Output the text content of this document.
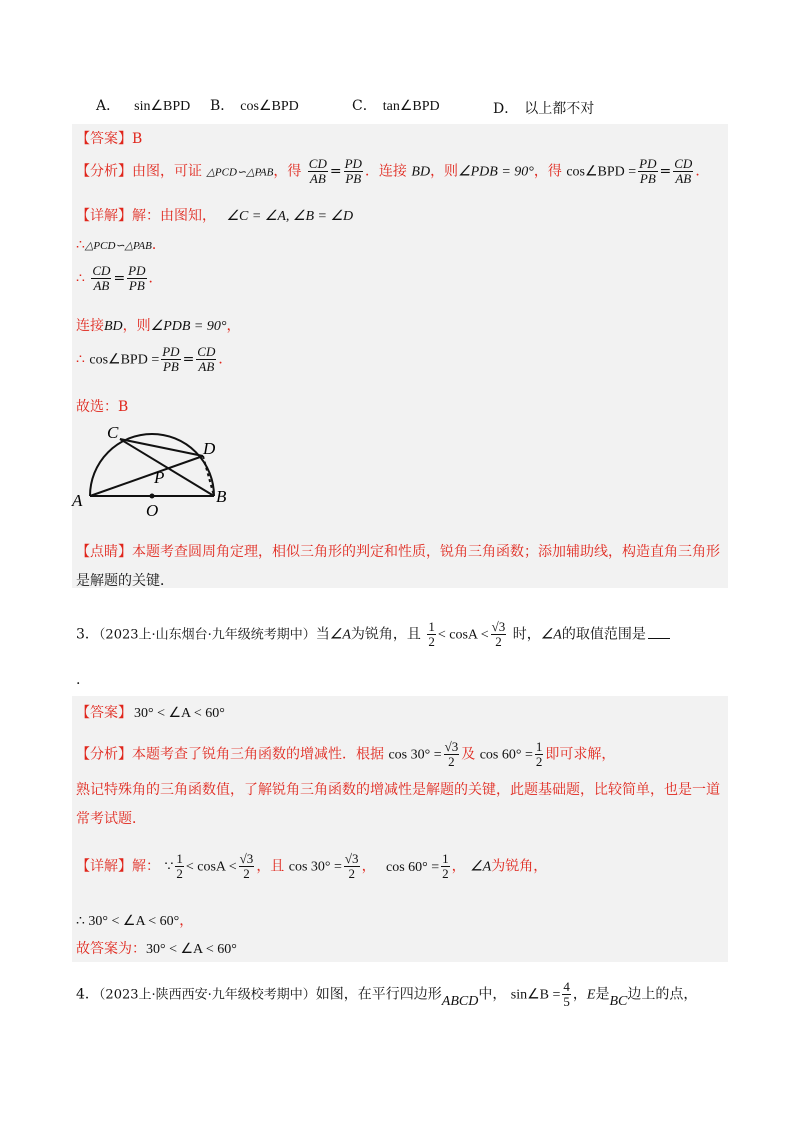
A． sin∠BPD B． cos∠BPD	C． tan∠BPD	D． 以上都不对
【答案】B
【分析】由图，可证 △PCD∽△PAB，得 $\frac{CD}{AB} = \frac{PD}{PB}$ ．连接 BD，则∠PDB = 90°，得 cos∠BPD = $\frac{PD}{PB} = \frac{CD}{AB}$ ．
【详解】解：由图知， ∠C = ∠A, ∠B = ∠D
∴△PCD∽△PAB．
∴ $\frac{CD}{AB} = \frac{PD}{PB}$ ．
连接BD，则∠PDB = 90°，
∴ cos∠BPD = $\frac{PD}{PB} = \frac{CD}{AB}$ ．
故选：B
C
D
P
A
O
B
【点睛】本题考查圆周角定理，相似三角形的判定和性质，锐角三角函数；添加辅助线，构造直角三角形
是解题的关键．
3．（2023上·山东烟台·九年级统考期中）当∠A为锐角，且 $\frac{1}{2} < \cos A < \frac{√3}{2}$ 时，∠A的取值范围是
.
【答案】 30° < ∠A < 60°
【分析】本题考查了锐角三角函数的增减性．根据 $\cos 30^\circ = \frac{√3}{2}$ 及 $\cos 60^\circ = \frac{1}{2}$ 即可求解，
熟记特殊角的三角函数值，了解锐角三角函数的增减性是解题的关键，此题基础题，比较简单，也是一道
常考试题．
【详解】解： ∵ $\frac{1}{2} < \cos A < \frac{√3}{2}$ ，且 $\cos 30^\circ = \frac{√3}{2}$ ， $\cos 60^\circ = \frac{1}{2}$ ， ∠A为锐角，
∴ 30° < ∠A < 60°，
故答案为：30° < ∠A < 60°
4．（2023上·陕西西安·九年级校考期中）如图，在平行四边形ABCD中， sin∠B = $\frac{4}{5}$ ，E是BC边上的点，
